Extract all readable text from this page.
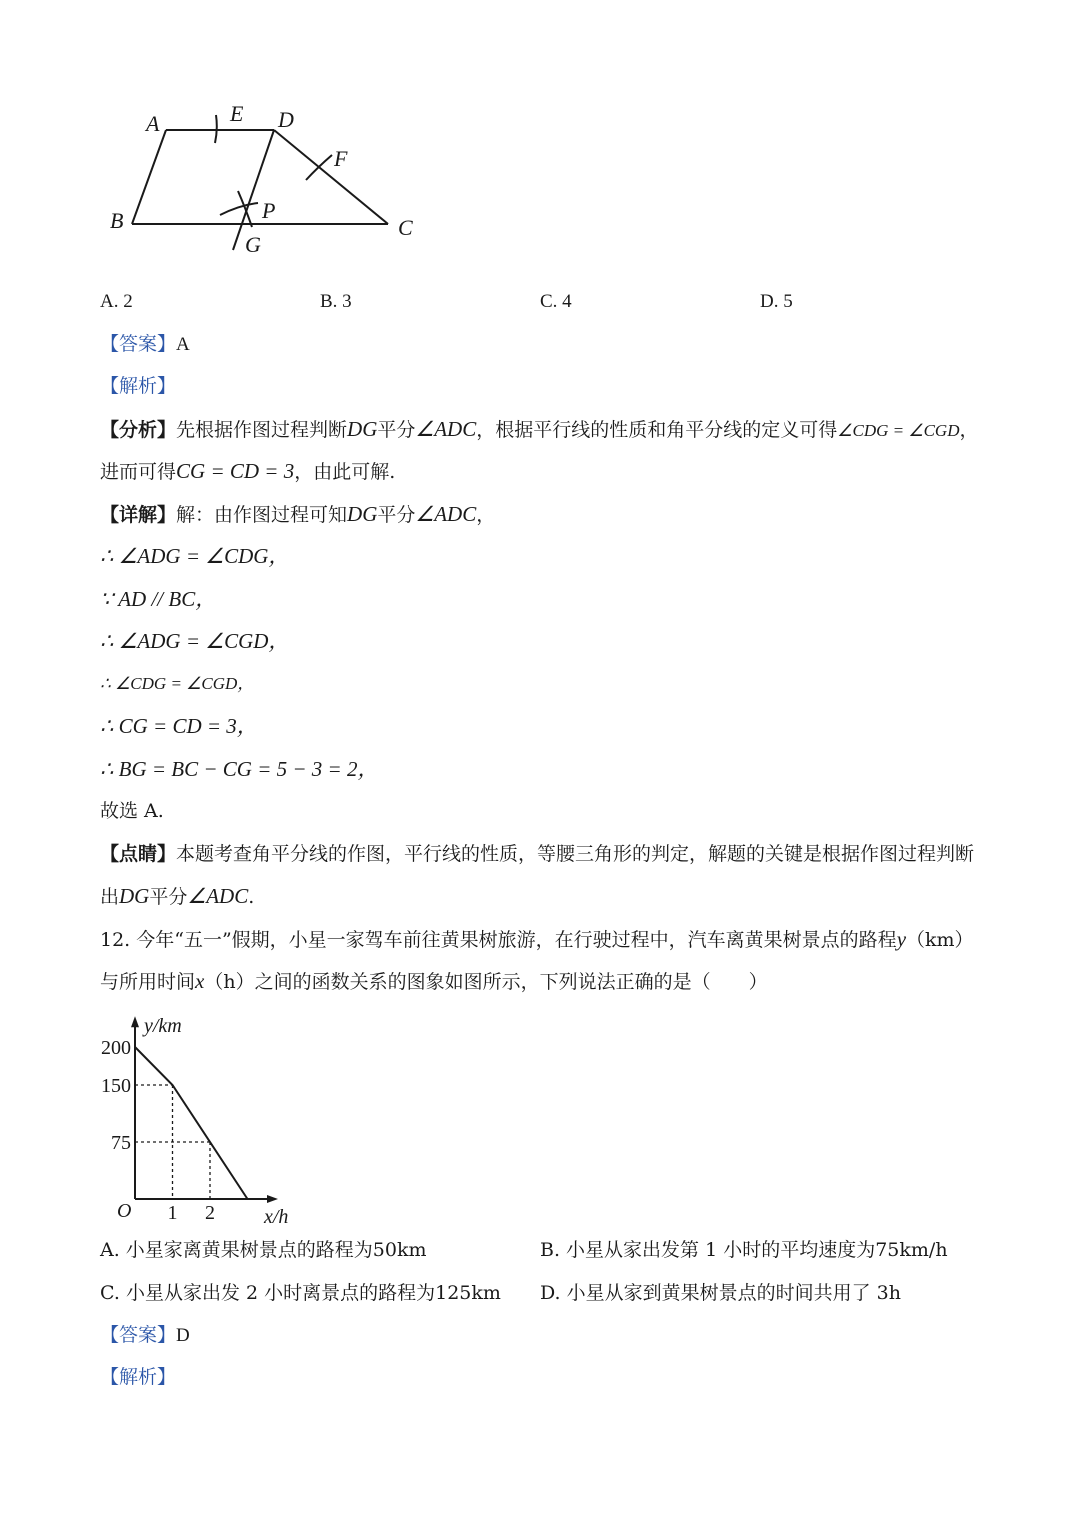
A	E D
F
B	P
G
C
A. 2	B. 3	C. 4	D. 5
【答案】A
【解析】
【分析】先根据作图过程判断DG平分∠ADC，根据平行线的性质和角平分线的定义可得∠CDG = ∠CGD，
进而可得CG = CD = 3，由此可解.
【详解】解：由作图过程可知DG平分∠ADC，
∴ ∠ADG = ∠CDG，
∵ AD // BC，
∴ ∠ADG = ∠CGD，
∴ ∠CDG = ∠CGD，
∴ CG = CD = 3，
∴ BG = BC − CG = 5 − 3 = 2，
故选 A.
【点睛】本题考查角平分线的作图，平行线的性质，等腰三角形的判定，解题的关键是根据作图过程判断
出DG平分∠ADC.
12. 今年“五一”假期，小星一家驾车前往黄果树旅游，在行驶过程中，汽车离黄果树景点的路程y（km）
与所用时间x（h）之间的函数关系的图象如图所示，下列说法正确的是（　　）
200
150
75
1 2
O
y/km
x/h
A. 小星家离黄果树景点的路程为50km	B. 小星从家出发第 1 小时的平均速度为75km/h
C. 小星从家出发 2 小时离景点的路程为125km D. 小星从家到黄果树景点的时间共用了 3h
【答案】D
【解析】
